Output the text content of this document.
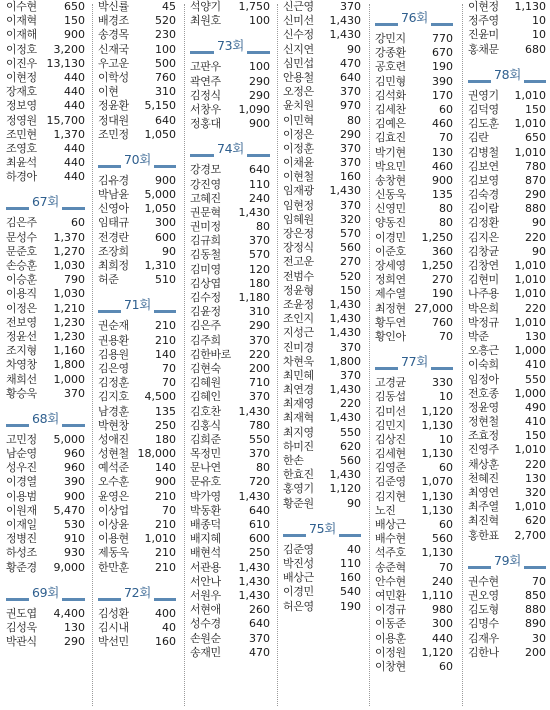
이수현 650
이재혁 150
이재해 900
이정호 3,200
이진우 13,130
이현정 440
장재호 440
정보영 440
정영원 15,700
조민현 1,370
조영호 440
최윤석 440
하경아 440
67회
김은주	60
문성수 1,370
문준호 1,270
손승훈 1,030
이승훈 790
이용직 1,030
이정은 1,210
전보영 1,230
정윤선 1,230
조지형 1,160
차영창 1,800
채희선 1,000
황승욱 370
68회
고민정 5,000
남순영 960
성우진 960
이경열 390
이용범 900
이원재 5,470
이재일 530
정병진 910
하성조 930
황준경 9,000
69회
권도엽 4,400
김성욱 130
박관식 290
박신률	45
배경조 520
송경목 230
신재국 100
우고운 500
이학성 760
이현	310
정윤환 5,150
정대원 640
조민정 1,050
70회
김유경 900
박남윤 5,000
신영아 1,050
임태규 300
전경란 600
조장희	90
최희정 1,310
허준	510
71회
권순재 210
권용환 210
김용원 140
김은영	70
김정훈	70
김지호 4,500
남경훈 135
박현창 250
성애진 180
성현철 18,000
예석준 140
오수훈 900
윤영은 210
이상업	70
이상윤 210
이용현 1,010
제동욱 210
한만훈 210
72회
김성환 400
김시내	40
박선민 160
석양기 1,750
최원호	100
73회
고판우	100
곽연주	290
김정식	290
서창우 1,090
정홍대	900
74회
강경모	640
강진영	110
고혜진	240
권문혁 1,430
권미정	80
김규희	370
김동철	570
김미영	120
김상엽	180
김수정 1,180
김윤정	310
김은주	290
김주희	370
김한바로 220
김현숙	200
김혜원	710
김혜인	370
김호찬 1,430
김홍식	780
김희준	550
목정민	370
문나연	80
문유호	720
박가영 1,430
박동환	640
배종덕	610
배지혜	600
배현석	250
서관용 1,430
서안나 1,430
서원우 1,430
서현애	260
성수경	640
손원순	370
송재민	470
신근영 370
신미선 1,430
신수정 1,430
신지연	90
심민섭 470
안용철 640
오정은 370
윤치원 970
이민혁	80
이정은 290
이정훈 370
이채윤 370
이현철 160
임재광 1,430
임현정 370
임혜원 320
장은정 570
장정식 560
전고운 270
전범수 520
정윤형 150
조윤정 1,430
조인지 1,430
지성근 1,430
진미경 370
차현욱 1,800
최민혜 370
최연경 1,430
최재영 220
최재혁 1,430
최지영 550
하미진 620
한손	560
한효진 1,430
홍영기 1,120
황준원	90
75회
김준영	40
박진성 110
배상근 160
이경민 540
허은영 190
76회
강민지 770
강종환 670
공호련 190
김민형 390
김석화 170
김세찬	60
김예은 460
김효진	70
박기현 130
박요민 460
송창현 900
신동욱 135
신영민	80
양동진	80
이경민 1,250
이준호 360
장세영 1,250
정희연 270
제수열 190
최정현 27,000
황두연 760
황인아	70
77회
고경균 330
김동섭	10
김미선 1,120
김민지 1,130
김상진	10
김세현 1,130
김영준	60
김준영 1,070
김지현 1,130
노진 1,130
배상근	60
배수현 560
석주호 1,130
송준혁	70
안수현 240
여민환 1,110
이경규 980
이동준 300
이용훈 440
이정원 1,120
이창현	60
이현정 1,130
정주영	10
진윤미	10
홍채문 680
78회
권영기 1,010
김덕영 150
김도훈 1,010
김란	650
김병철 1,010
김보연 780
김보영 870
김숙경 290
김이람 880
김정환	90
김지은 220
김창균	90
김창연 1,010
김현미 1,010
나주용 1,010
박은희 220
박정규 1,010
박준	130
오흥근 1,000
이숙희 410
임정아 550
전호종 1,000
정윤영 490
정현철 410
조효정 150
진영주 1,010
채상훈 220
천혜진 130
최영연 320
최주열 1,010
최진혁 620
홍한표 2,700
79회
권수현	70
권오영 850
김도형 880
김명수 890
김재우	30
김한나 200
